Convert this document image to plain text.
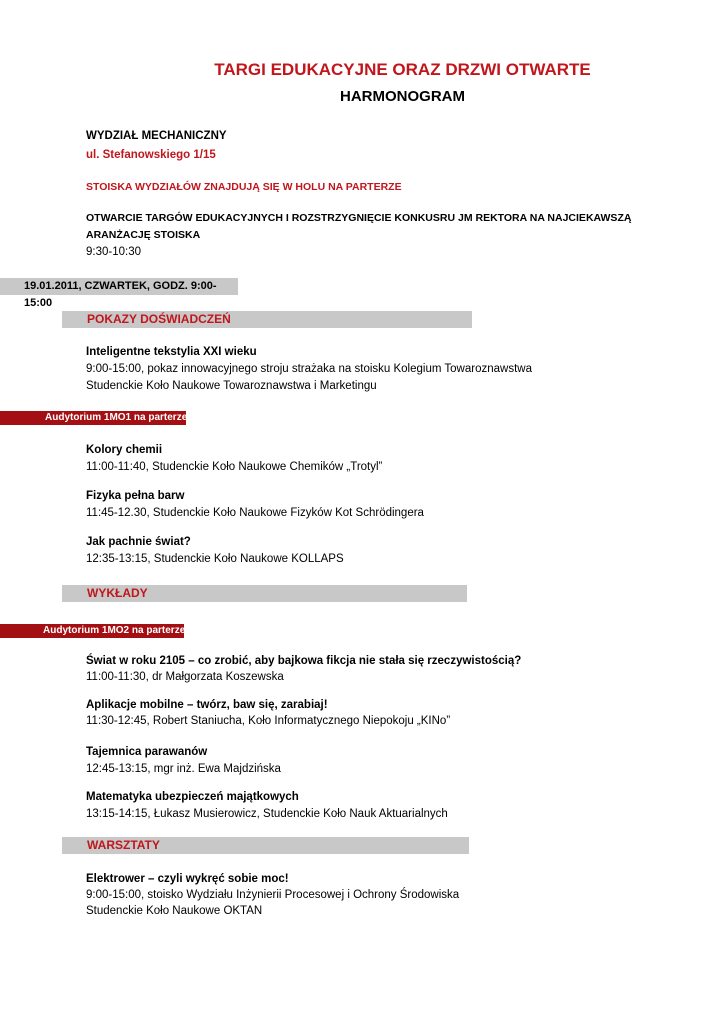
TARGI EDUKACYJNE ORAZ DRZWI OTWARTE
HARMONOGRAM
WYDZIAŁ MECHANICZNY
ul. Stefanowskiego 1/15
STOISKA WYDZIAŁÓW ZNAJDUJĄ SIĘ W HOLU NA PARTERZE
OTWARCIE TARGÓW EDUKACYJNYCH I ROZSTRZYGNIĘCIE KONKUSRU JM REKTORA NA NAJCIEKAWSZĄ
ARANŻACJĘ STOISKA
9:30-10:30
19.01.2011, CZWARTEK, GODZ. 9:00-15:00
POKAZY DOŚWIADCZEŃ
Inteligentne tekstylia XXI wieku
9:00-15:00, pokaz innowacyjnego stroju strażaka na stoisku Kolegium Towaroznawstwa
Studenckie Koło Naukowe Towaroznawstwa i Marketingu
Audytorium 1MO1 na parterze
Kolory chemii
11:00-11:40, Studenckie Koło Naukowe Chemików „Trotyl”
Fizyka pełna barw
11:45-12.30, Studenckie Koło Naukowe Fizyków Kot Schrödingera
Jak pachnie świat?
12:35-13:15, Studenckie Koło Naukowe KOLLAPS
WYKŁADY
Audytorium 1MO2 na parterze
Świat w roku 2105 – co zrobić, aby bajkowa fikcja nie stała się rzeczywistością?
11:00-11:30, dr Małgorzata Koszewska
Aplikacje mobilne – twórz, baw się, zarabiaj!
11:30-12:45, Robert Staniucha, Koło Informatycznego Niepokoju „KINo”
Tajemnica parawanów
12:45-13:15, mgr inż. Ewa Majdzińska
Matematyka ubezpieczeń majątkowych
13:15-14:15, Łukasz Musierowicz, Studenckie Koło Nauk Aktuarialnych
WARSZTATY
Elektrower – czyli wykręć sobie moc!
9:00-15:00, stoisko Wydziału Inżynierii Procesowej i Ochrony Środowiska
Studenckie Koło Naukowe OKTAN
